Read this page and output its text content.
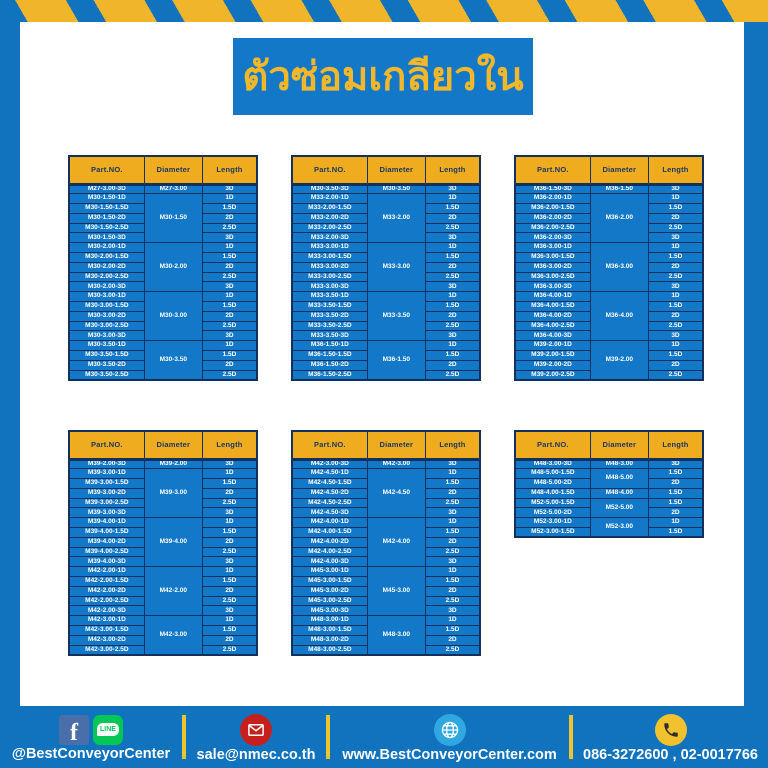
ตัวซ่อมเกลียวใน
Part.NO.	Diameter	Length
M27-3.00-3D	M27-3.00	3D
M30-1.50-1D	M30-1.50	1D
M30-1.50-1.5D		1.5D
M30-1.50-2D		2D
M30-1.50-2.5D		2.5D
M30-1.50-3D		3D
M30-2.00-1D	M30-2.00	1D
M30-2.00-1.5D		1.5D
M30-2.00-2D		2D
M30-2.00-2.5D		2.5D
M30-2.00-3D		3D
M30-3.00-1D	M30-3.00	1D
M30-3.00-1.5D		1.5D
M30-3.00-2D		2D
M30-3.00-2.5D		2.5D
M30-3.00-3D		3D
M30-3.50-1D	M30-3.50	1D
M30-3.50-1.5D		1.5D
M30-3.50-2D		2D
M30-3.50-2.5D		2.5D
Part.NO.	Diameter	Length
M30-3.50-3D	M30-3.50	3D
M33-2.00-1D	M33-2.00	1D
M33-2.00-1.5D		1.5D
M33-2.00-2D		2D
M33-2.00-2.5D		2.5D
M33-2.00-3D		3D
M33-3.00-1D	M33-3.00	1D
M33-3.00-1.5D		1.5D
M33-3.00-2D		2D
M33-3.00-2.5D		2.5D
M33-3.00-3D		3D
M33-3.50-1D	M33-3.50	1D
M33-3.50-1.5D		1.5D
M33-3.50-2D		2D
M33-3.50-2.5D		2.5D
M33-3.50-3D		3D
M36-1.50-1D	M36-1.50	1D
M36-1.50-1.5D		1.5D
M36-1.50-2D		2D
M36-1.50-2.5D		2.5D
Part.NO.	Diameter	Length
M36-1.50-3D	M36-1.50	3D
M36-2.00-1D	M36-2.00	1D
M36-2.00-1.5D		1.5D
M36-2.00-2D		2D
M36-2.00-2.5D		2.5D
M36-2.00-3D		3D
M36-3.00-1D	M36-3.00	1D
M36-3.00-1.5D		1.5D
M36-3.00-2D		2D
M36-3.00-2.5D		2.5D
M36-3.00-3D		3D
M36-4.00-1D	M36-4.00	1D
M36-4.00-1.5D		1.5D
M36-4.00-2D		2D
M36-4.00-2.5D		2.5D
M36-4.00-3D		3D
M39-2.00-1D	M39-2.00	1D
M39-2.00-1.5D		1.5D
M39-2.00-2D		2D
M39-2.00-2.5D		2.5D
Part.NO.	Diameter	Length
M39-2.00-3D	M39-2.00	3D
M39-3.00-1D	M39-3.00	1D
M39-3.00-1.5D		1.5D
M39-3.00-2D		2D
M39-3.00-2.5D		2.5D
M39-3.00-3D		3D
M39-4.00-1D	M39-4.00	1D
M39-4.00-1.5D		1.5D
M39-4.00-2D		2D
M39-4.00-2.5D		2.5D
M39-4.00-3D		3D
M42-2.00-1D	M42-2.00	1D
M42-2.00-1.5D		1.5D
M42-2.00-2D		2D
M42-2.00-2.5D		2.5D
M42-2.00-3D		3D
M42-3.00-1D	M42-3.00	1D
M42-3.00-1.5D		1.5D
M42-3.00-2D		2D
M42-3.00-2.5D		2.5D
Part.NO.	Diameter	Length
M42-3.00-3D	M42-3.00	3D
M42-4.50-1D	M42-4.50	1D
M42-4.50-1.5D		1.5D
M42-4.50-2D		2D
M42-4.50-2.5D		2.5D
M42-4.50-3D		3D
M42-4.00-1D	M42-4.00	1D
M42-4.00-1.5D		1.5D
M42-4.00-2D		2D
M42-4.00-2.5D		2.5D
M42-4.00-3D		3D
M45-3.00-1D	M45-3.00	1D
M45-3.00-1.5D		1.5D
M45-3.00-2D		2D
M45-3.00-2.5D		2.5D
M45-3.00-3D		3D
M48-3.00-1D	M48-3.00	1D
M48-3.00-1.5D		1.5D
M48-3.00-2D		2D
M48-3.00-2.5D		2.5D
Part.NO.	Diameter	Length
M48-3.00-3D	M48-3.00	3D
M48-5.00-1.5D	M48-5.00	1.5D
M48-5.00-2D		2D
M48-4.00-1.5D	M48-4.00	1.5D
M52-5.00-1.5D	M52-5.00	1.5D
M52-5.00-2D		2D
M52-3.00-1D	M52-3.00	1D
M52-3.00-1.5D		1.5D
f	LINE
@BestConveyorCenter sale@nmec.co.th www.BestConveyorCenter.com 086-3272600 , 02-0017766
